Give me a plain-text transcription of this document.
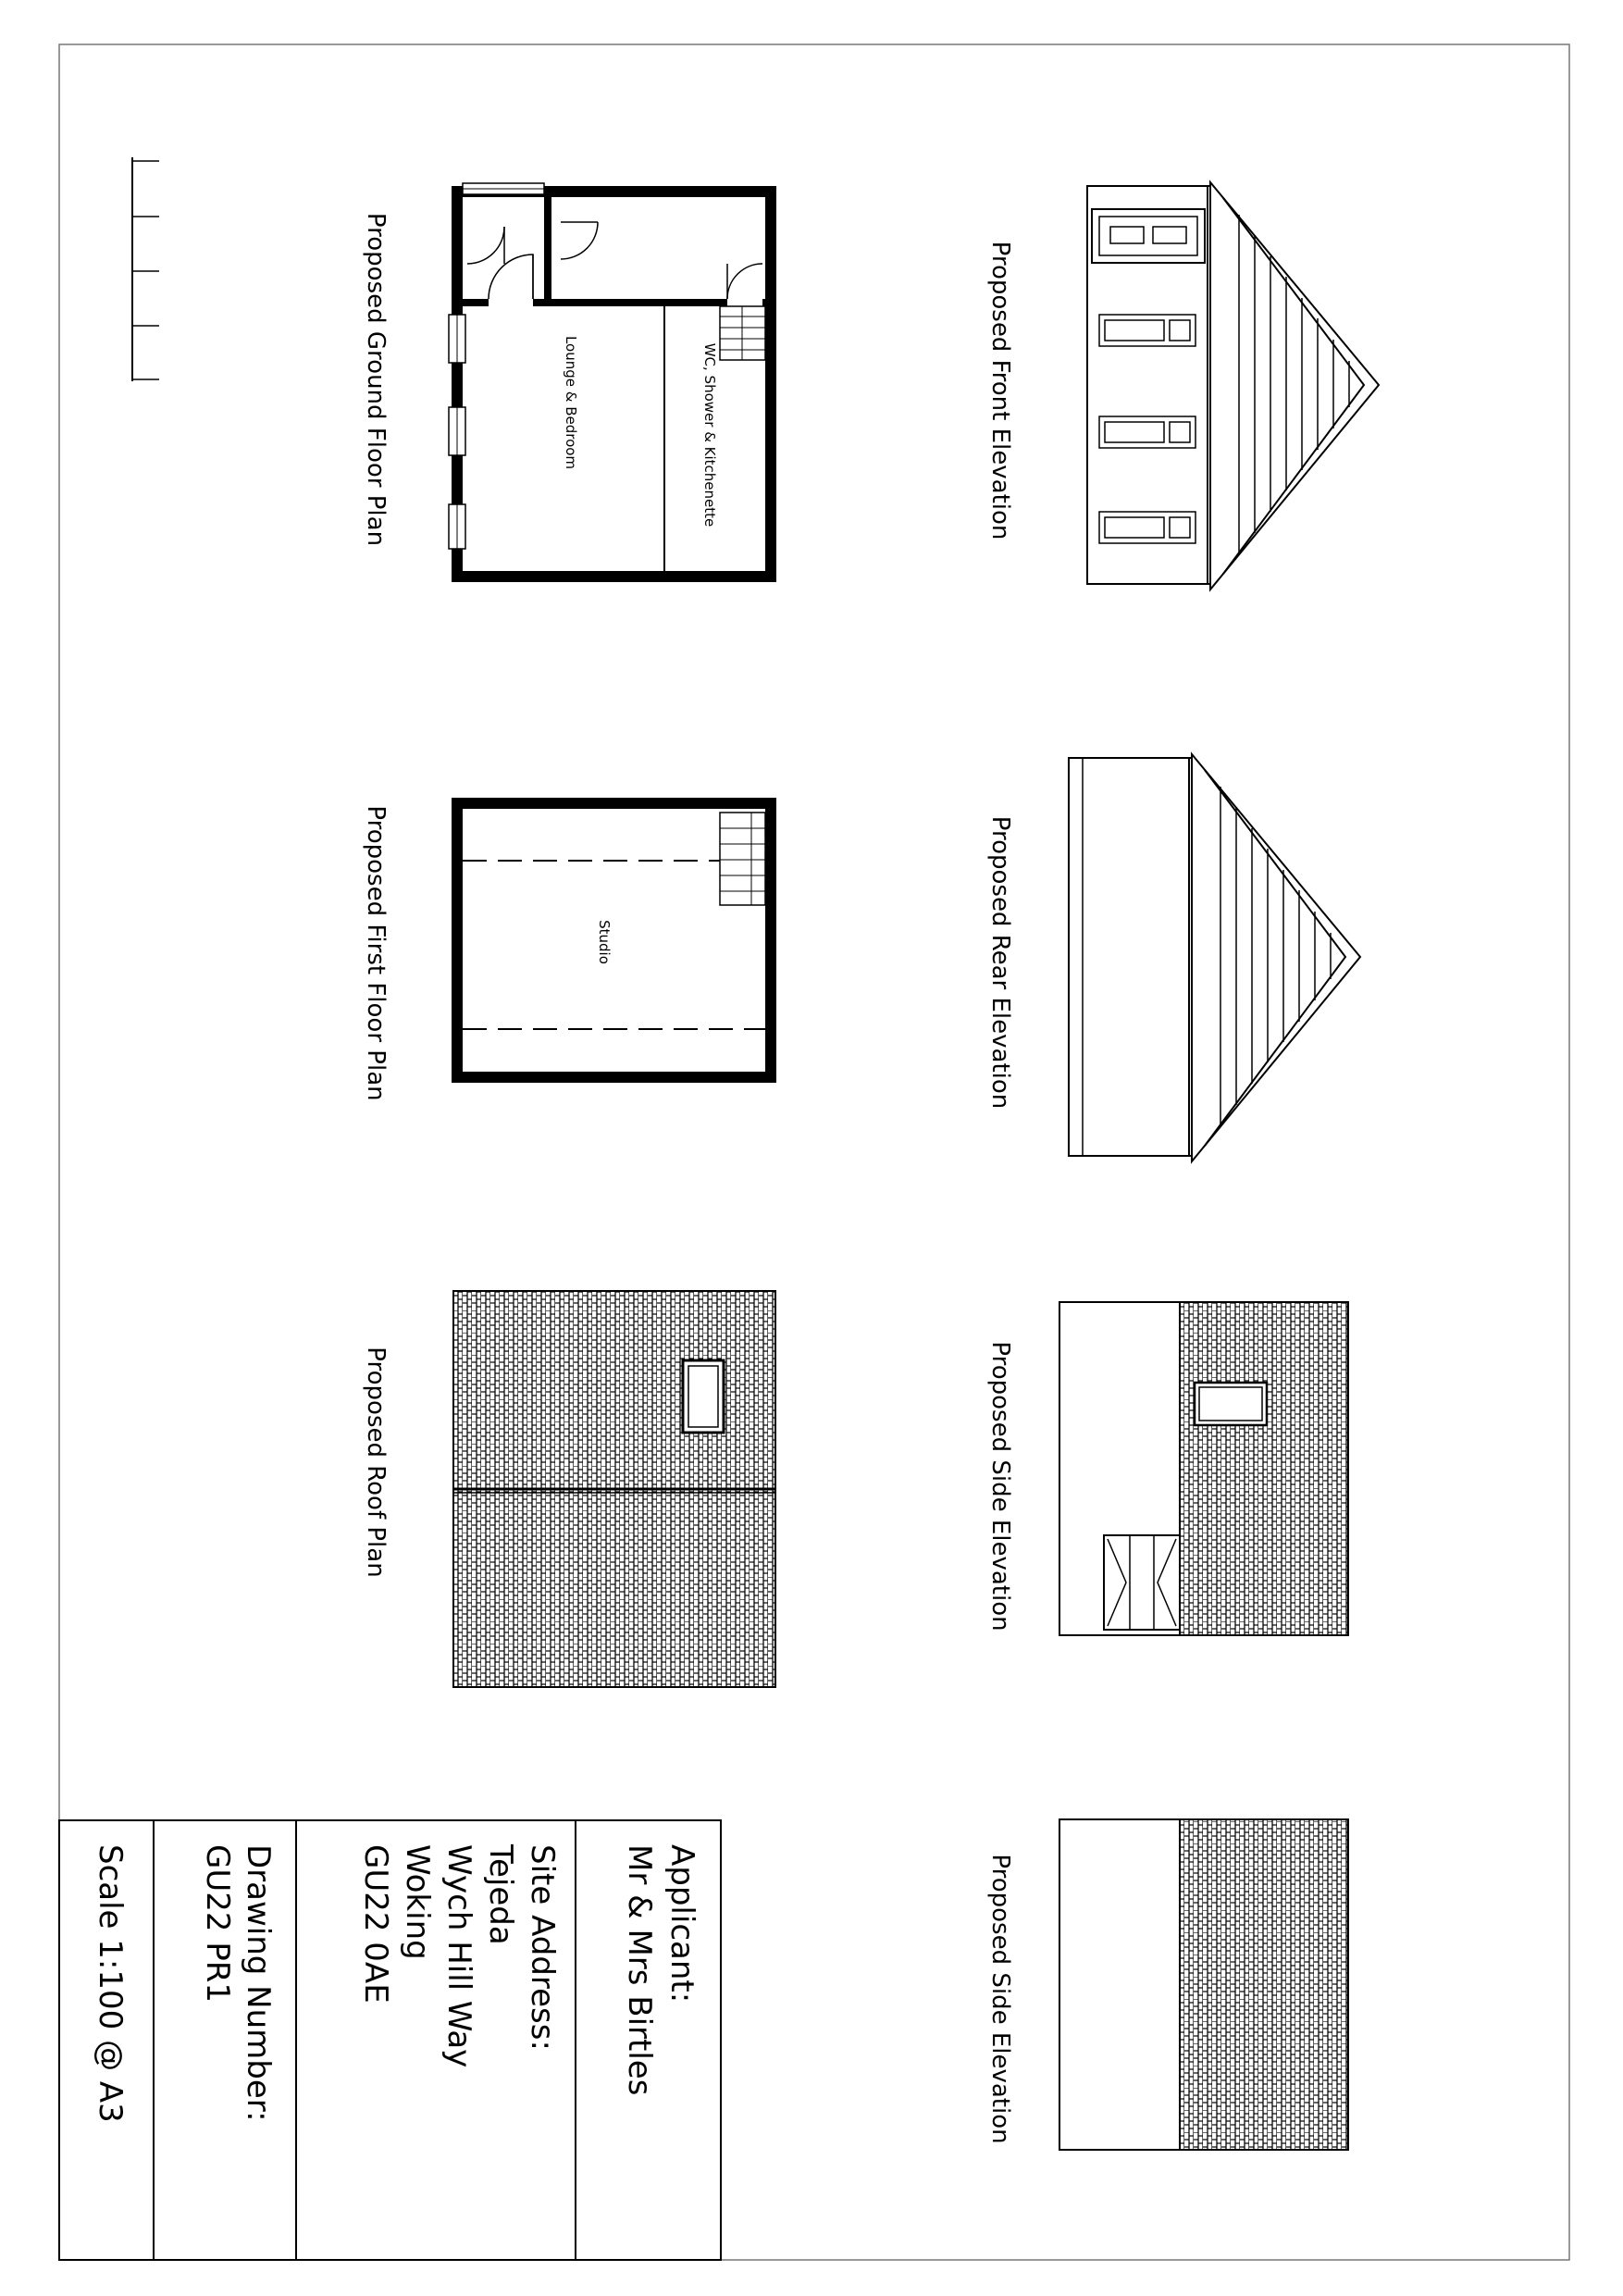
Lounge & Bedroom	WC, Shower & Kitchenette
Proposed Ground Floor Plan
Studio
Proposed First Floor Plan
Proposed Roof Plan
Proposed Front Elevation
Proposed Rear Elevation
Proposed Side Elevation
Proposed Side Elevation
Applicant:
Mr & Mrs Birtles
Site Address:
Tejeda
Wych Hill Way
Woking
GU22 0AE
Drawing Number:
GU22 PR1
Scale 1:100 @ A3
